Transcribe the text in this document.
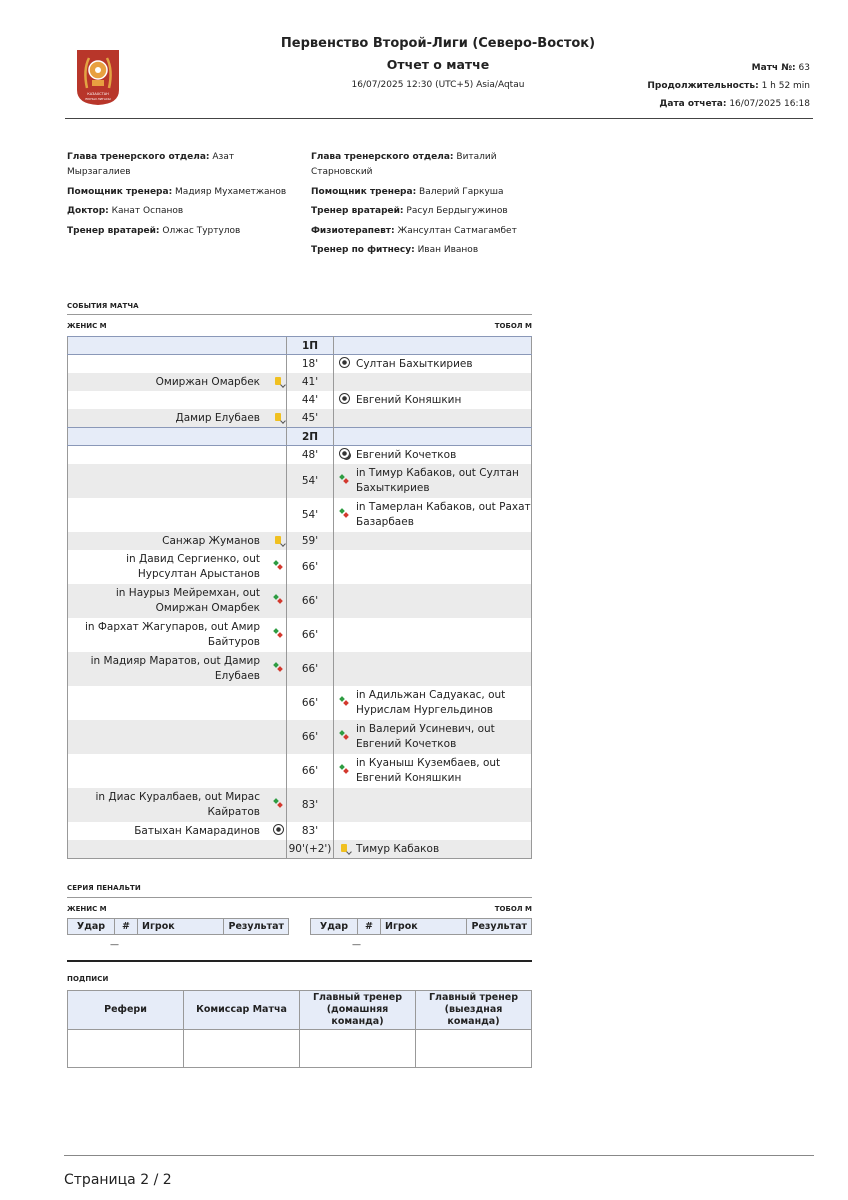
КАЗАХСТАН
ЕКІНШІ ЛИГАСЫ
Первенство Второй-Лиги (Северо-Восток)
Отчет о матче
16/07/2025 12:30 (UTC+5) Asia/Aqtau
Матч №: 63
Продолжительность: 1 h 52 min
Дата отчета: 16/07/2025 16:18
Глава тренерского отдела: Азат Мырзагалиев
Помощник тренера: Мадияр Мухаметжанов
Доктор: Канат Оспанов
Тренер вратарей: Олжас Туртулов
Глава тренерского отдела: Виталий Старновский
Помощник тренера: Валерий Гаркуша
Тренер вратарей: Расул Бердыгужинов
Физиотерапевт: Жансултан Сатмагамбет
Тренер по фитнесу: Иван Иванов
СОБЫТИЯ МАТЧА
ЖЕНИС М	ТОБОЛ М
		1П		
		18'		Султан Бахыткириев
Омиржан Омарбек		41'		
		44'		Евгений Коняшкин
Дамир Елубаев		45'		
		2П		
		48'		Евгений Кочетков
		54'		in Тимур Кабаков, out Султан Бахыткириев
		54'		in Тамерлан Кабаков, out Рахат Базарбаев
Санжар Жуманов		59'		
in Давид Сергиенко, out Нурсултан Арыстанов		66'		
in Наурыз Мейремхан, out Омиржан Омарбек		66'		
in Фархат Жагупаров, out Амир Байтуров		66'		
in Мадияр Маратов, out Дамир Елубаев		66'		
		66'		in Адильжан Садуакас, out Нурислам Нургельдинов
		66'		in Валерий Усиневич, out Евгений Кочетков
		66'		in Куаныш Кузембаев, out Евгений Коняшкин
in Диас Куралбаев, out Мирас Кайратов		83'		
Батыхан Камарадинов		83'		
		90'(+2')		Тимур Кабаков
СЕРИЯ ПЕНАЛЬТИ
ЖЕНИС М	ТОБОЛ М
Удар	#	Игрок	Результат	Удар	#	Игрок	Результат
—	—
ПОДПИСИ
Рефери	Комиссар Матча	Главный тренер (домашняя команда)	Главный тренер (выездная команда)

Страница 2 / 2
